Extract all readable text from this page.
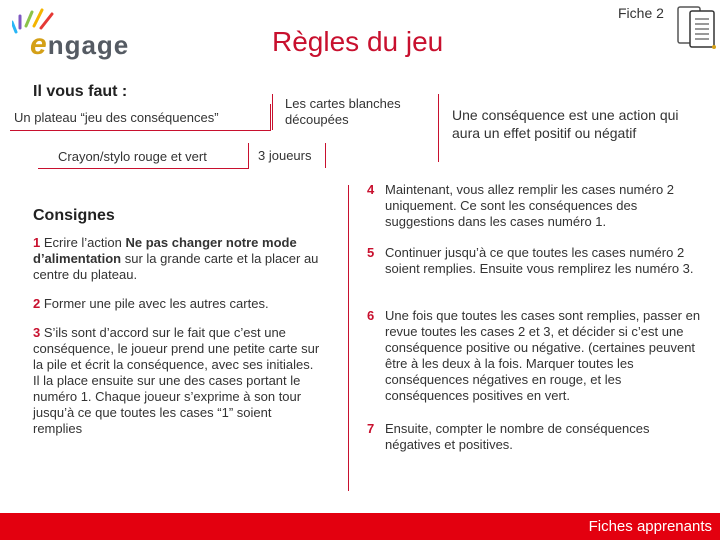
engage
Fiche 2
Règles du jeu
Il vous faut :
Un plateau “jeu des conséquences”
Crayon/stylo rouge et vert
Les cartes blanches découpées
3 joueurs
Une conséquence est une action qui aura un effet positif ou négatif
Consignes
1 Ecrire l’action Ne pas changer notre mode d’alimentation sur la grande carte et la placer au centre du plateau.
2 Former une pile avec les autres cartes.
3 S’ils sont d’accord sur le fait que c’est une conséquence, le joueur prend une petite carte sur la pile et écrit la conséquence, avec ses initiales. Il la place ensuite sur une des cases portant le numéro 1. Chaque joueur s’exprime à son tour jusqu’à ce que toutes les cases “1” soient remplies
4 Maintenant, vous allez remplir les cases numéro 2 uniquement. Ce sont les conséquences des suggestions dans les cases numéro 1.
5 Continuer jusqu’à ce que toutes les cases numéro 2 soient remplies. Ensuite vous remplirez les numéro 3.
6 Une fois que toutes les cases sont remplies, passer en revue toutes les cases 2 et 3, et décider si c’est une conséquence positive ou négative. (certaines peuvent être à les deux à la fois. Marquer toutes les conséquences négatives en rouge, et les conséquences positives en vert.
7 Ensuite, compter le nombre de conséquences négatives et positives.
Fiches apprenants
